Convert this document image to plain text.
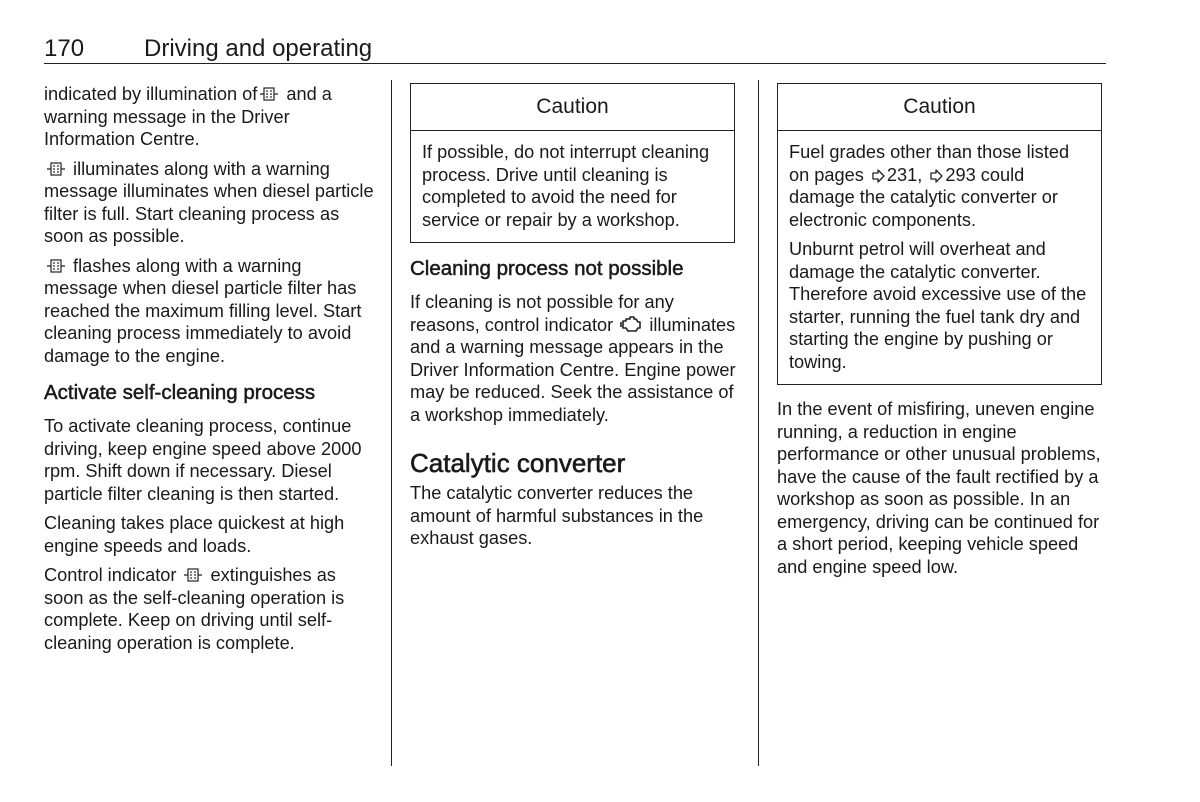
170 Driving and operating

indicated by illumination of and a warning message in the Driver Information Centre.

illuminates along with a warning message illuminates when diesel particle filter is full. Start cleaning process as soon as possible.

flashes along with a warning message when diesel particle filter has reached the maximum filling level. Start cleaning process immediately to avoid damage to the engine.

Activate self-cleaning process

To activate cleaning process, continue driving, keep engine speed above 2000 rpm. Shift down if necessary. Diesel particle filter cleaning is then started.

Cleaning takes place quickest at high engine speeds and loads.

Control indicator  extinguishes as soon as the self-cleaning operation is complete. Keep on driving until self-cleaning operation is complete.

Caution

If possible, do not interrupt cleaning process. Drive until cleaning is completed to avoid the need for service or repair by a workshop.

Cleaning process not possible

If cleaning is not possible for any reasons, control indicator  illuminates and a warning message appears in the Driver Information Centre. Engine power may be reduced. Seek the assistance of a workshop immediately.

Catalytic converter

The catalytic converter reduces the amount of harmful substances in the exhaust gases.

Caution

Fuel grades other than those listed on pages 231, 293 could damage the catalytic converter or electronic components.

Unburnt petrol will overheat and damage the catalytic converter. Therefore avoid excessive use of the starter, running the fuel tank dry and starting the engine by pushing or towing.

In the event of misfiring, uneven engine running, a reduction in engine performance or other unusual problems, have the cause of the fault rectified by a workshop as soon as possible. In an emergency, driving can be continued for a short period, keeping vehicle speed and engine speed low.
